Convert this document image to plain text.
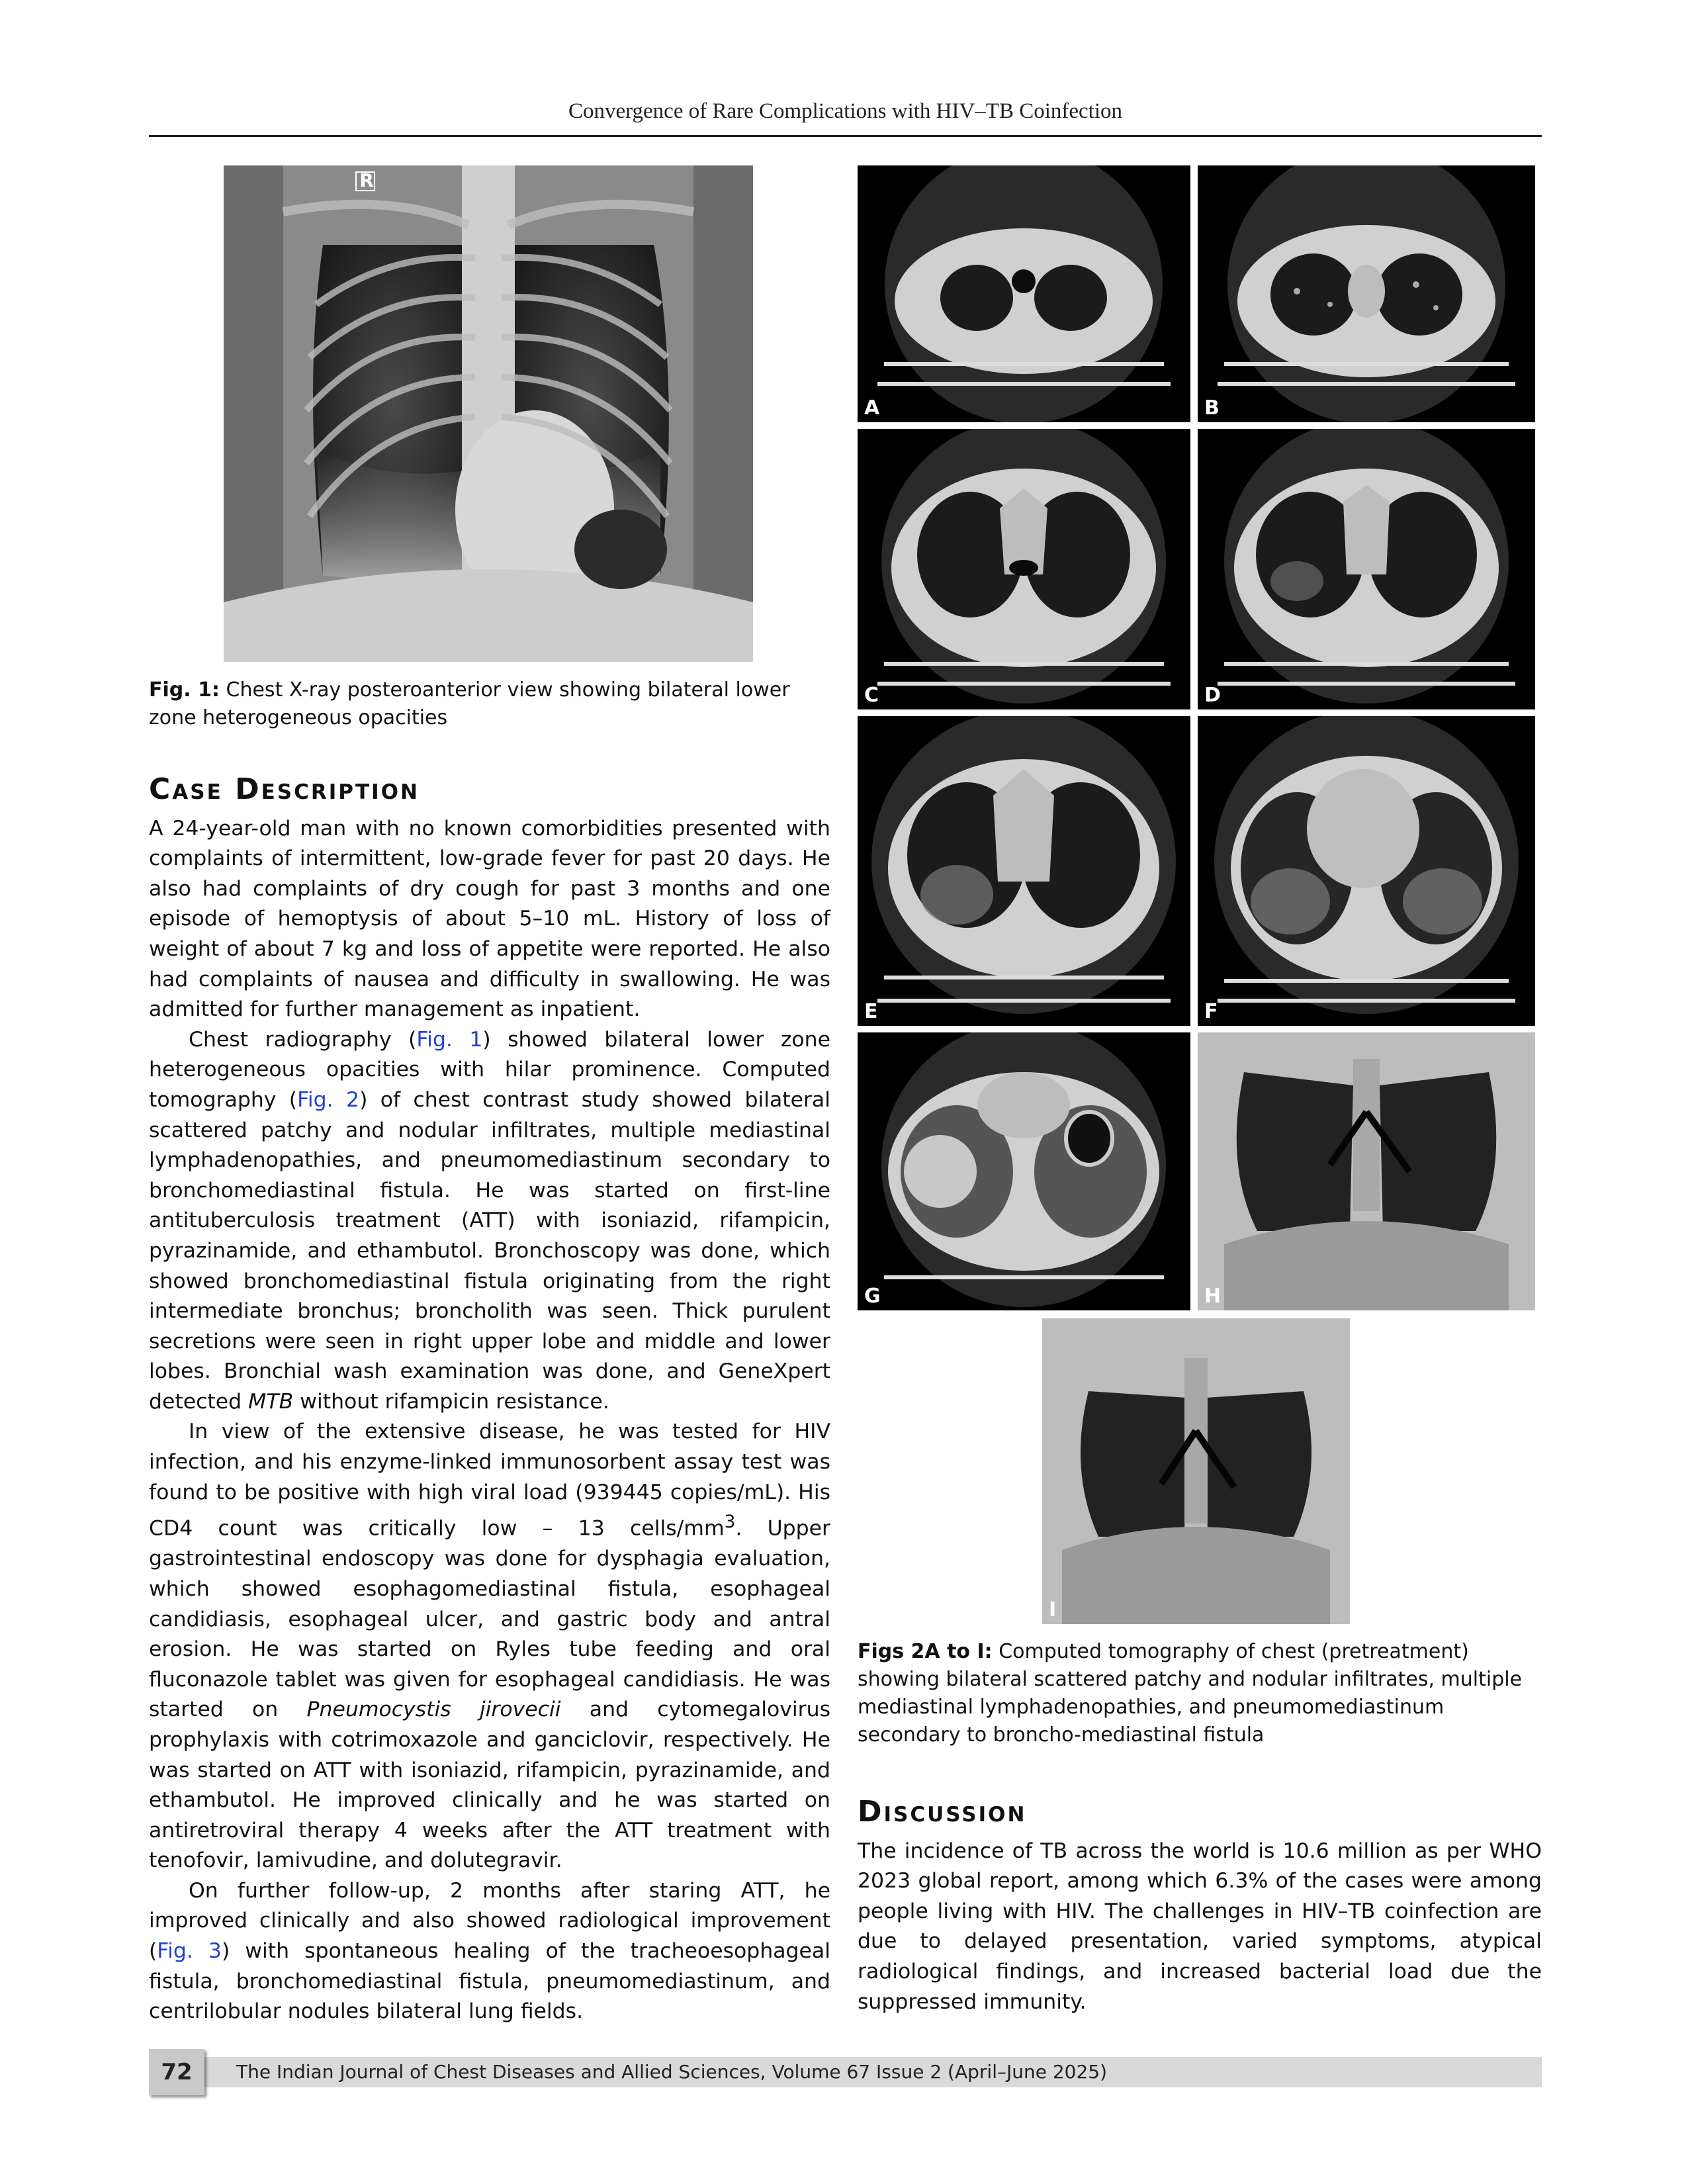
Convergence of Rare Complications with HIV–TB Coinfection
R
Fig. 1: Chest X-ray posteroanterior view showing bilateral lower zone heterogeneous opacities
Case Description

A 24-year-old man with no known comorbidities presented with complaints of intermittent, low-grade fever for past 20 days. He also had complaints of dry cough for past 3 months and one episode of hemoptysis of about 5–10 mL. History of loss of weight of about 7 kg and loss of appetite were reported. He also had complaints of nausea and difficulty in swallowing. He was admitted for further management as inpatient.

Chest radiography (Fig. 1) showed bilateral lower zone heterogeneous opacities with hilar prominence. Computed tomography (Fig. 2) of chest contrast study showed bilateral scattered patchy and nodular infiltrates, multiple mediastinal lymphadenopathies, and pneumomediastinum secondary to bronchomediastinal fistula. He was started on first-line antituberculosis treatment (ATT) with isoniazid, rifampicin, pyrazinamide, and ethambutol. Bronchoscopy was done, which showed bronchomediastinal fistula originating from the right intermediate bronchus; broncholith was seen. Thick purulent secretions were seen in right upper lobe and middle and lower lobes. Bronchial wash examination was done, and GeneXpert detected MTB without rifampicin resistance.

In view of the extensive disease, he was tested for HIV infection, and his enzyme-linked immunosorbent assay test was found to be positive with high viral load (939445 copies/mL). His CD4 count was critically low – 13 cells/$mm^3$. Upper gastrointestinal endoscopy was done for dysphagia evaluation, which showed esophagomediastinal fistula, esophageal candidiasis, esophageal ulcer, and gastric body and antral erosion. He was started on Ryles tube feeding and oral fluconazole tablet was given for esophageal candidiasis. He was started on Pneumocystis jirovecii and cytomegalovirus prophylaxis with cotrimoxazole and ganciclovir, respectively. He was started on ATT with isoniazid, rifampicin, pyrazinamide, and ethambutol. He improved clinically and he was started on antiretroviral therapy 4 weeks after the ATT treatment with tenofovir, lamivudine, and dolutegravir.

On further follow-up, 2 months after staring ATT, he improved clinically and also showed radiological improvement (Fig. 3) with spontaneous healing of the tracheoesophageal fistula, bronchomediastinal fistula, pneumomediastinum, and centrilobular nodules bilateral lung fields.

A	B
C	D
E	F
G	H
I
Figs 2A to I: Computed tomography of chest (pretreatment) showing bilateral scattered patchy and nodular infiltrates, multiple mediastinal lymphadenopathies, and pneumomediastinum secondary to broncho-mediastinal fistula
Discussion

The incidence of TB across the world is 10.6 million as per WHO 2023 global report, among which 6.3% of the cases were among people living with HIV. The challenges in HIV–TB coinfection are due to delayed presentation, varied symptoms, atypical radiological findings, and increased bacterial load due the suppressed immunity.

72	The Indian Journal of Chest Diseases and Allied Sciences, Volume 67 Issue 2 (April–June 2025)
